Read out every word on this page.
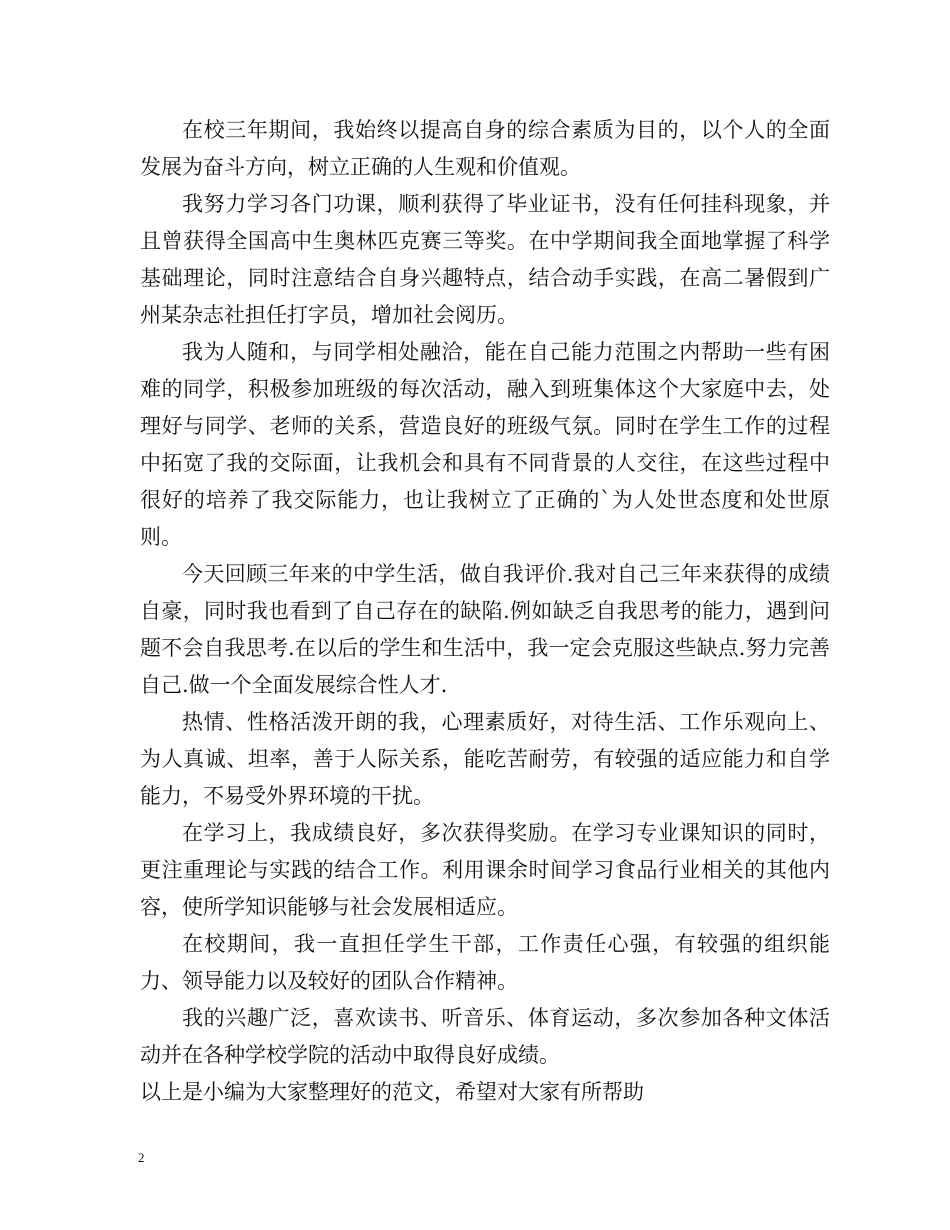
在校三年期间，我始终以提高自身的综合素质为目的，以个人的全面发展为奋斗方向，树立正确的人生观和价值观。

我努力学习各门功课，顺利获得了毕业证书，没有任何挂科现象，并且曾获得全国高中生奥林匹克赛三等奖。在中学期间我全面地掌握了科学基础理论，同时注意结合自身兴趣特点，结合动手实践，在高二暑假到广州某杂志社担任打字员，增加社会阅历。

我为人随和，与同学相处融洽，能在自己能力范围之内帮助一些有困难的同学，积极参加班级的每次活动，融入到班集体这个大家庭中去，处理好与同学、老师的关系，营造良好的班级气氛。同时在学生工作的过程中拓宽了我的交际面，让我机会和具有不同背景的人交往，在这些过程中很好的培养了我交际能力，也让我树立了正确的`为人处世态度和处世原则。

今天回顾三年来的中学生活，做自我评价.我对自己三年来获得的成绩自豪，同时我也看到了自己存在的缺陷.例如缺乏自我思考的能力，遇到问题不会自我思考.在以后的学生和生活中，我一定会克服这些缺点.努力完善自己.做一个全面发展综合性人才.

热情、性格活泼开朗的我，心理素质好，对待生活、工作乐观向上、为人真诚、坦率，善于人际关系，能吃苦耐劳，有较强的适应能力和自学能力，不易受外界环境的干扰。

在学习上，我成绩良好，多次获得奖励。在学习专业课知识的同时，更注重理论与实践的结合工作。利用课余时间学习食品行业相关的其他内容，使所学知识能够与社会发展相适应。

在校期间，我一直担任学生干部，工作责任心强，有较强的组织能力、领导能力以及较好的团队合作精神。

我的兴趣广泛，喜欢读书、听音乐、体育运动，多次参加各种文体活动并在各种学校学院的活动中取得良好成绩。

以上是小编为大家整理好的范文，希望对大家有所帮助

2
